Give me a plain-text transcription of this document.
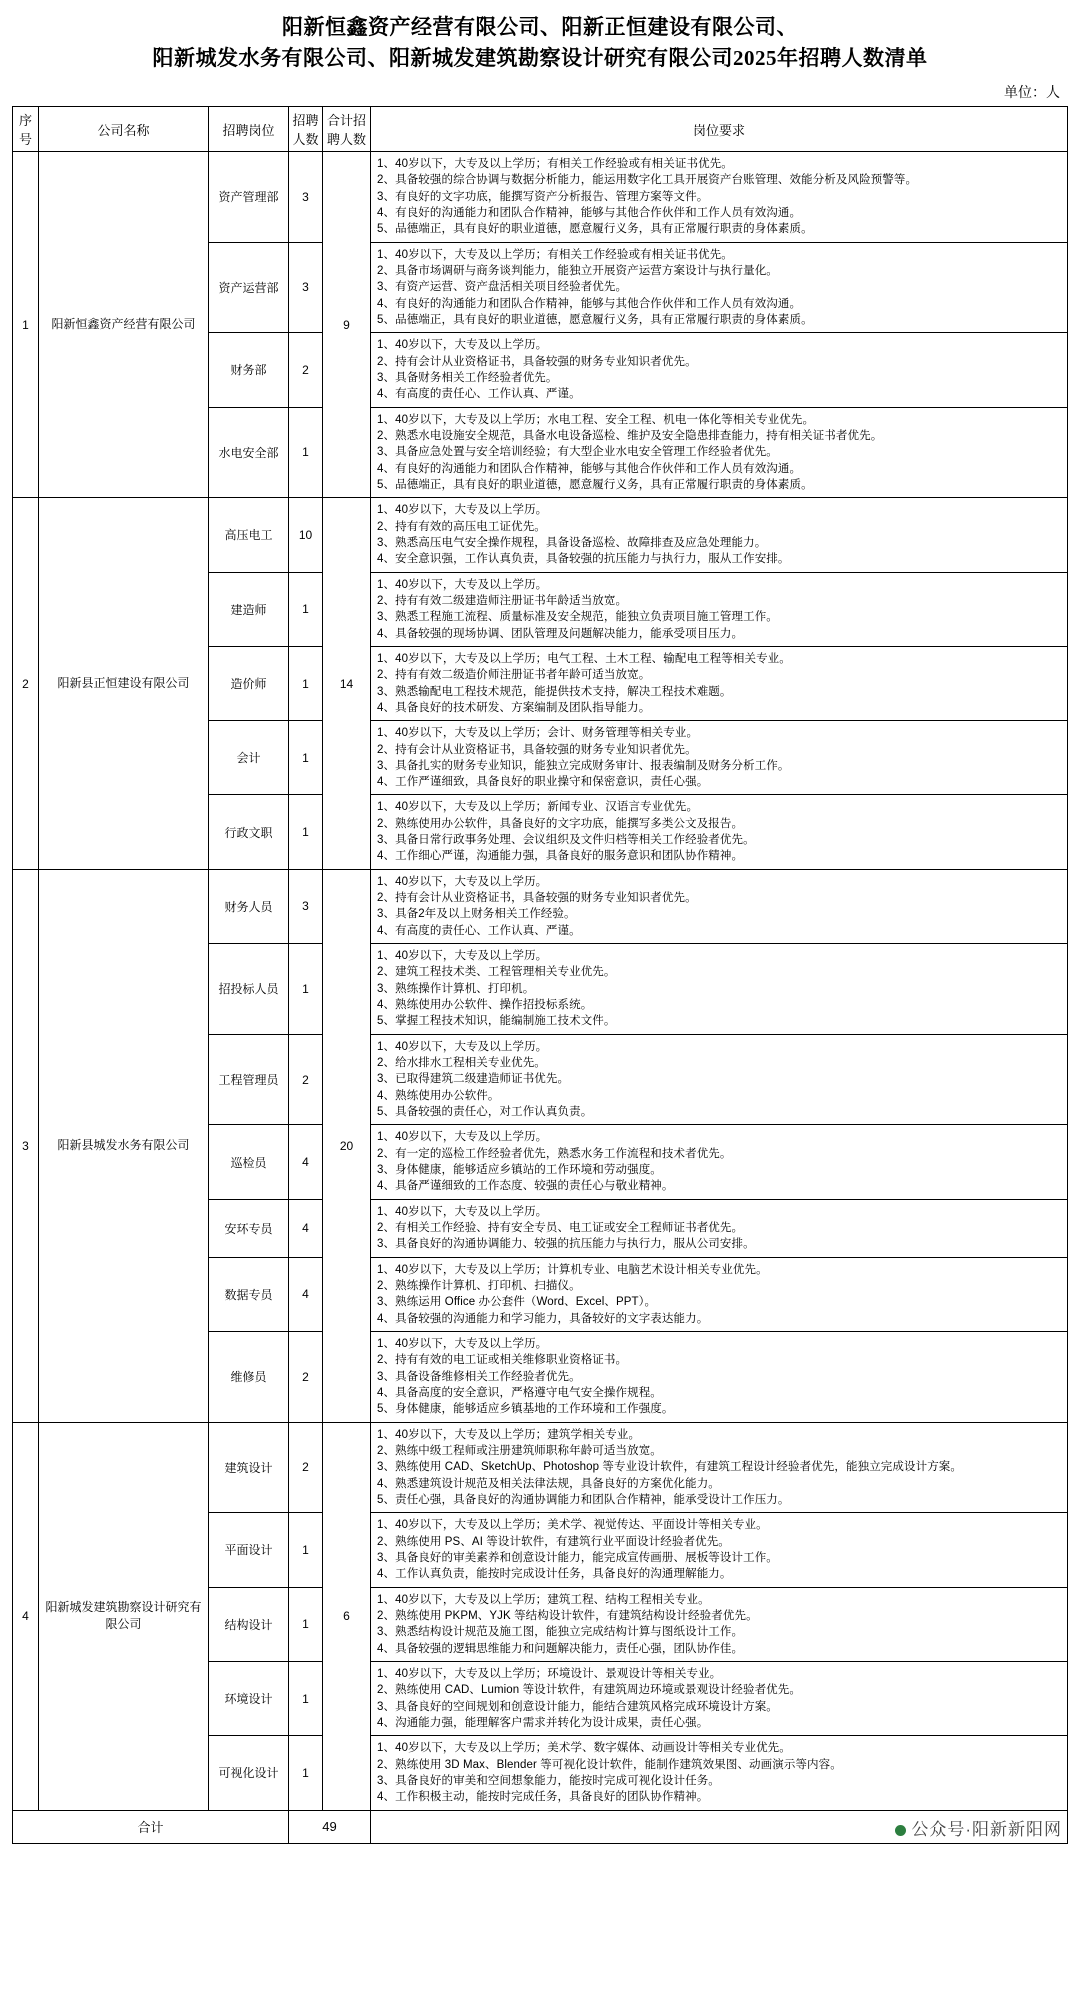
阳新恒鑫资产经营有限公司、阳新正恒建设有限公司、
阳新城发水务有限公司、阳新城发建筑勘察设计研究有限公司2025年招聘人数清单
单位：人
序号	公司名称	招聘岗位	招聘人数	合计招聘人数	岗位要求
1	阳新恒鑫资产经营有限公司	资产管理部	3	9	1、40岁以下，大专及以上学历；有相关工作经验或有相关证书优先。
2、具备较强的综合协调与数据分析能力，能运用数字化工具开展资产台账管理、效能分析及风险预警等。
3、有良好的文字功底，能撰写资产分析报告、管理方案等文件。
4、有良好的沟通能力和团队合作精神，能够与其他合作伙伴和工作人员有效沟通。
5、品德端正，具有良好的职业道德，愿意履行义务，具有正常履行职责的身体素质。

		资产运营部	3		1、40岁以下，大专及以上学历；有相关工作经验或有相关证书优先。
2、具备市场调研与商务谈判能力，能独立开展资产运营方案设计与执行量化。
3、有资产运营、资产盘活相关项目经验者优先。
4、有良好的沟通能力和团队合作精神，能够与其他合作伙伴和工作人员有效沟通。
5、品德端正，具有良好的职业道德，愿意履行义务，具有正常履行职责的身体素质。

		财务部	2		1、40岁以下，大专及以上学历。
2、持有会计从业资格证书，具备较强的财务专业知识者优先。
3、具备财务相关工作经验者优先。
4、有高度的责任心、工作认真、严谨。

		水电安全部	1		1、40岁以下，大专及以上学历；水电工程、安全工程、机电一体化等相关专业优先。
2、熟悉水电设施安全规范，具备水电设备巡检、维护及安全隐患排查能力，持有相关证书者优先。
3、具备应急处置与安全培训经验；有大型企业水电安全管理工作经验者优先。
4、有良好的沟通能力和团队合作精神，能够与其他合作伙伴和工作人员有效沟通。
5、品德端正，具有良好的职业道德，愿意履行义务，具有正常履行职责的身体素质。

2	阳新县正恒建设有限公司	高压电工	10	14	1、40岁以下，大专及以上学历。
2、持有有效的高压电工证优先。
3、熟悉高压电气安全操作规程，具备设备巡检、故障排查及应急处理能力。
4、安全意识强，工作认真负责，具备较强的抗压能力与执行力，服从工作安排。

		建造师	1		1、40岁以下，大专及以上学历。
2、持有有效二级建造师注册证书年龄适当放宽。
3、熟悉工程施工流程、质量标准及安全规范，能独立负责项目施工管理工作。
4、具备较强的现场协调、团队管理及问题解决能力，能承受项目压力。

		造价师	1		1、40岁以下，大专及以上学历；电气工程、土木工程、输配电工程等相关专业。
2、持有有效二级造价师注册证书者年龄可适当放宽。
3、熟悉输配电工程技术规范，能提供技术支持，解决工程技术难题。
4、具备良好的技术研发、方案编制及团队指导能力。

		会计	1		1、40岁以下，大专及以上学历；会计、财务管理等相关专业。
2、持有会计从业资格证书，具备较强的财务专业知识者优先。
3、具备扎实的财务专业知识，能独立完成财务审计、报表编制及财务分析工作。
4、工作严谨细致，具备良好的职业操守和保密意识，责任心强。

		行政文职	1		1、40岁以下，大专及以上学历；新闻专业、汉语言专业优先。
2、熟练使用办公软件，具备良好的文字功底，能撰写多类公文及报告。
3、具备日常行政事务处理、会议组织及文件归档等相关工作经验者优先。
4、工作细心严谨，沟通能力强，具备良好的服务意识和团队协作精神。

3	阳新县城发水务有限公司	财务人员	3	20	1、40岁以下，大专及以上学历。
2、持有会计从业资格证书，具备较强的财务专业知识者优先。
3、具备2年及以上财务相关工作经验。
4、有高度的责任心、工作认真、严谨。

		招投标人员	1		1、40岁以下，大专及以上学历。
2、建筑工程技术类、工程管理相关专业优先。
3、熟练操作计算机、打印机。
4、熟练使用办公软件、操作招投标系统。
5、掌握工程技术知识，能编制施工技术文件。

		工程管理员	2		1、40岁以下，大专及以上学历。
2、给水排水工程相关专业优先。
3、已取得建筑二级建造师证书优先。
4、熟练使用办公软件。
5、具备较强的责任心，对工作认真负责。

		巡检员	4		1、40岁以下，大专及以上学历。
2、有一定的巡检工作经验者优先，熟悉水务工作流程和技术者优先。
3、身体健康，能够适应乡镇站的工作环境和劳动强度。
4、具备严谨细致的工作态度、较强的责任心与敬业精神。

		安环专员	4		1、40岁以下，大专及以上学历。
2、有相关工作经验、持有安全专员、电工证或安全工程师证书者优先。
3、具备良好的沟通协调能力、较强的抗压能力与执行力，服从公司安排。

		数据专员	4		1、40岁以下，大专及以上学历；计算机专业、电脑艺术设计相关专业优先。
2、熟练操作计算机、打印机、扫描仪。
3、熟练运用 Office 办公套件（Word、Excel、PPT）。
4、具备较强的沟通能力和学习能力，具备较好的文字表达能力。

		维修员	2		1、40岁以下，大专及以上学历。
2、持有有效的电工证或相关维修职业资格证书。
3、具备设备维修相关工作经验者优先。
4、具备高度的安全意识，严格遵守电气安全操作规程。
5、身体健康，能够适应乡镇基地的工作环境和工作强度。

4	阳新城发建筑勘察设计研究有限公司	建筑设计	2	6	1、40岁以下，大专及以上学历；建筑学相关专业。
2、熟练中级工程师或注册建筑师职称年龄可适当放宽。
3、熟练使用 CAD、SketchUp、Photoshop 等专业设计软件，有建筑工程设计经验者优先，能独立完成设计方案。
4、熟悉建筑设计规范及相关法律法规，具备良好的方案优化能力。
5、责任心强，具备良好的沟通协调能力和团队合作精神，能承受设计工作压力。

		平面设计	1		1、40岁以下，大专及以上学历；美术学、视觉传达、平面设计等相关专业。
2、熟练使用 PS、AI 等设计软件，有建筑行业平面设计经验者优先。
3、具备良好的审美素养和创意设计能力，能完成宣传画册、展板等设计工作。
4、工作认真负责，能按时完成设计任务，具备良好的沟通理解能力。

		结构设计	1		1、40岁以下，大专及以上学历；建筑工程、结构工程相关专业。
2、熟练使用 PKPM、YJK 等结构设计软件，有建筑结构设计经验者优先。
3、熟悉结构设计规范及施工图，能独立完成结构计算与图纸设计工作。
4、具备较强的逻辑思维能力和问题解决能力，责任心强，团队协作佳。

		环境设计	1		1、40岁以下，大专及以上学历；环境设计、景观设计等相关专业。
2、熟练使用 CAD、Lumion 等设计软件，有建筑周边环境或景观设计经验者优先。
3、具备良好的空间规划和创意设计能力，能结合建筑风格完成环境设计方案。
4、沟通能力强，能理解客户需求并转化为设计成果，责任心强。

		可视化设计	1		1、40岁以下，大专及以上学历；美术学、数字媒体、动画设计等相关专业优先。
2、熟练使用 3D Max、Blender 等可视化设计软件，能制作建筑效果图、动画演示等内容。
3、具备良好的审美和空间想象能力，能按时完成可视化设计任务。
4、工作积极主动，能按时完成任务，具备良好的团队协作精神。

合计			49			公众号·阳新新阳网
